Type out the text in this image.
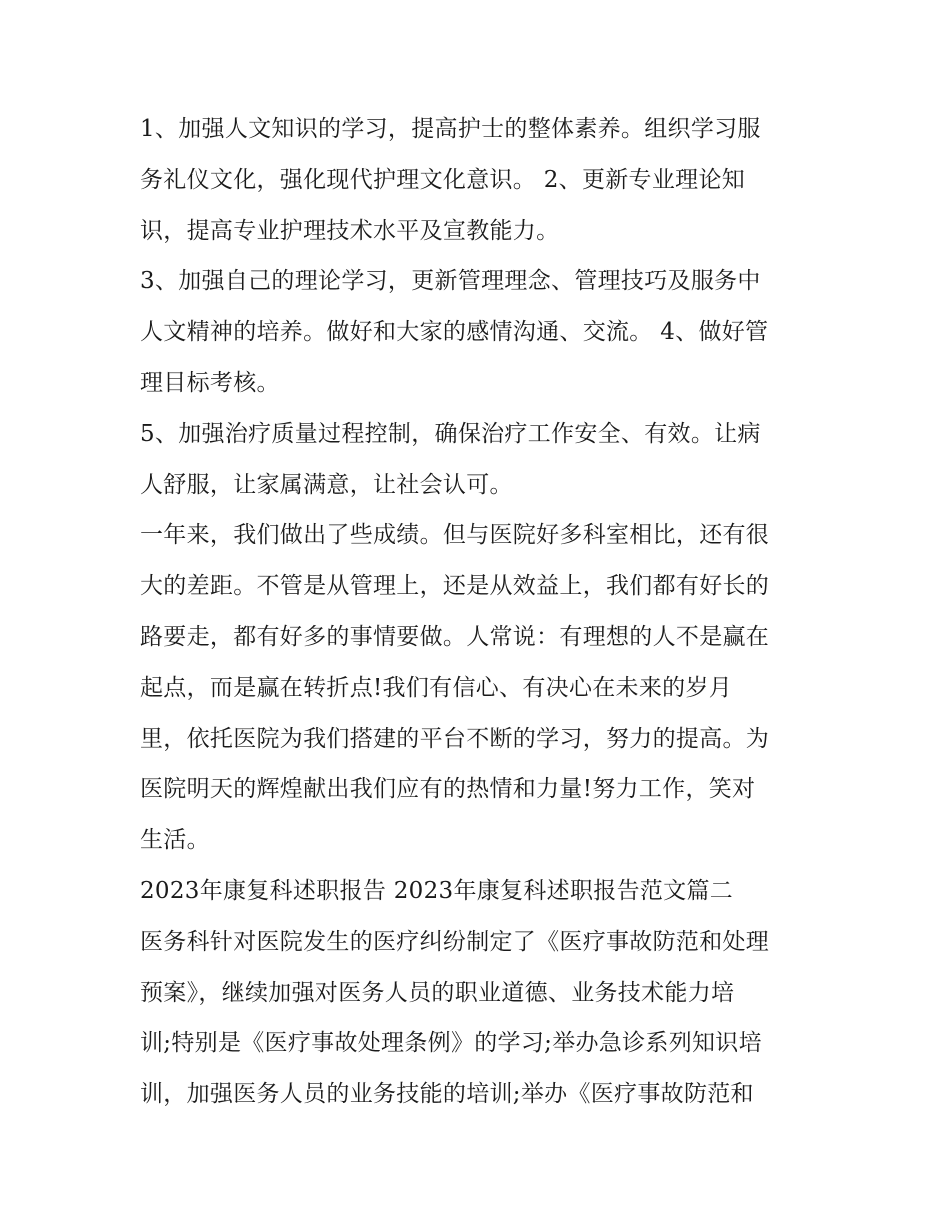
1、加强人文知识的学习，提高护士的整体素养。组织学习服
务礼仪文化，强化现代护理文化意识。 2、更新专业理论知
识，提高专业护理技术水平及宣教能力。
3、加强自己的理论学习，更新管理理念、管理技巧及服务中
人文精神的培养。做好和大家的感情沟通、交流。 4、做好管
理目标考核。
5、加强治疗质量过程控制，确保治疗工作安全、有效。让病
人舒服，让家属满意，让社会认可。
一年来，我们做出了些成绩。但与医院好多科室相比，还有很
大的差距。不管是从管理上，还是从效益上，我们都有好长的
路要走，都有好多的事情要做。人常说：有理想的人不是赢在
起点，而是赢在转折点!我们有信心、有决心在未来的岁月
里，依托医院为我们搭建的平台不断的学习，努力的提高。为
医院明天的辉煌献出我们应有的热情和力量!努力工作，笑对
生活。
2023年康复科述职报告 2023年康复科述职报告范文篇二
医务科针对医院发生的医疗纠纷制定了《医疗事故防范和处理
预案》，继续加强对医务人员的职业道德、业务技术能力培
训;特别是《医疗事故处理条例》的学习;举办急诊系列知识培
训，加强医务人员的业务技能的培训;举办《医疗事故防范和
